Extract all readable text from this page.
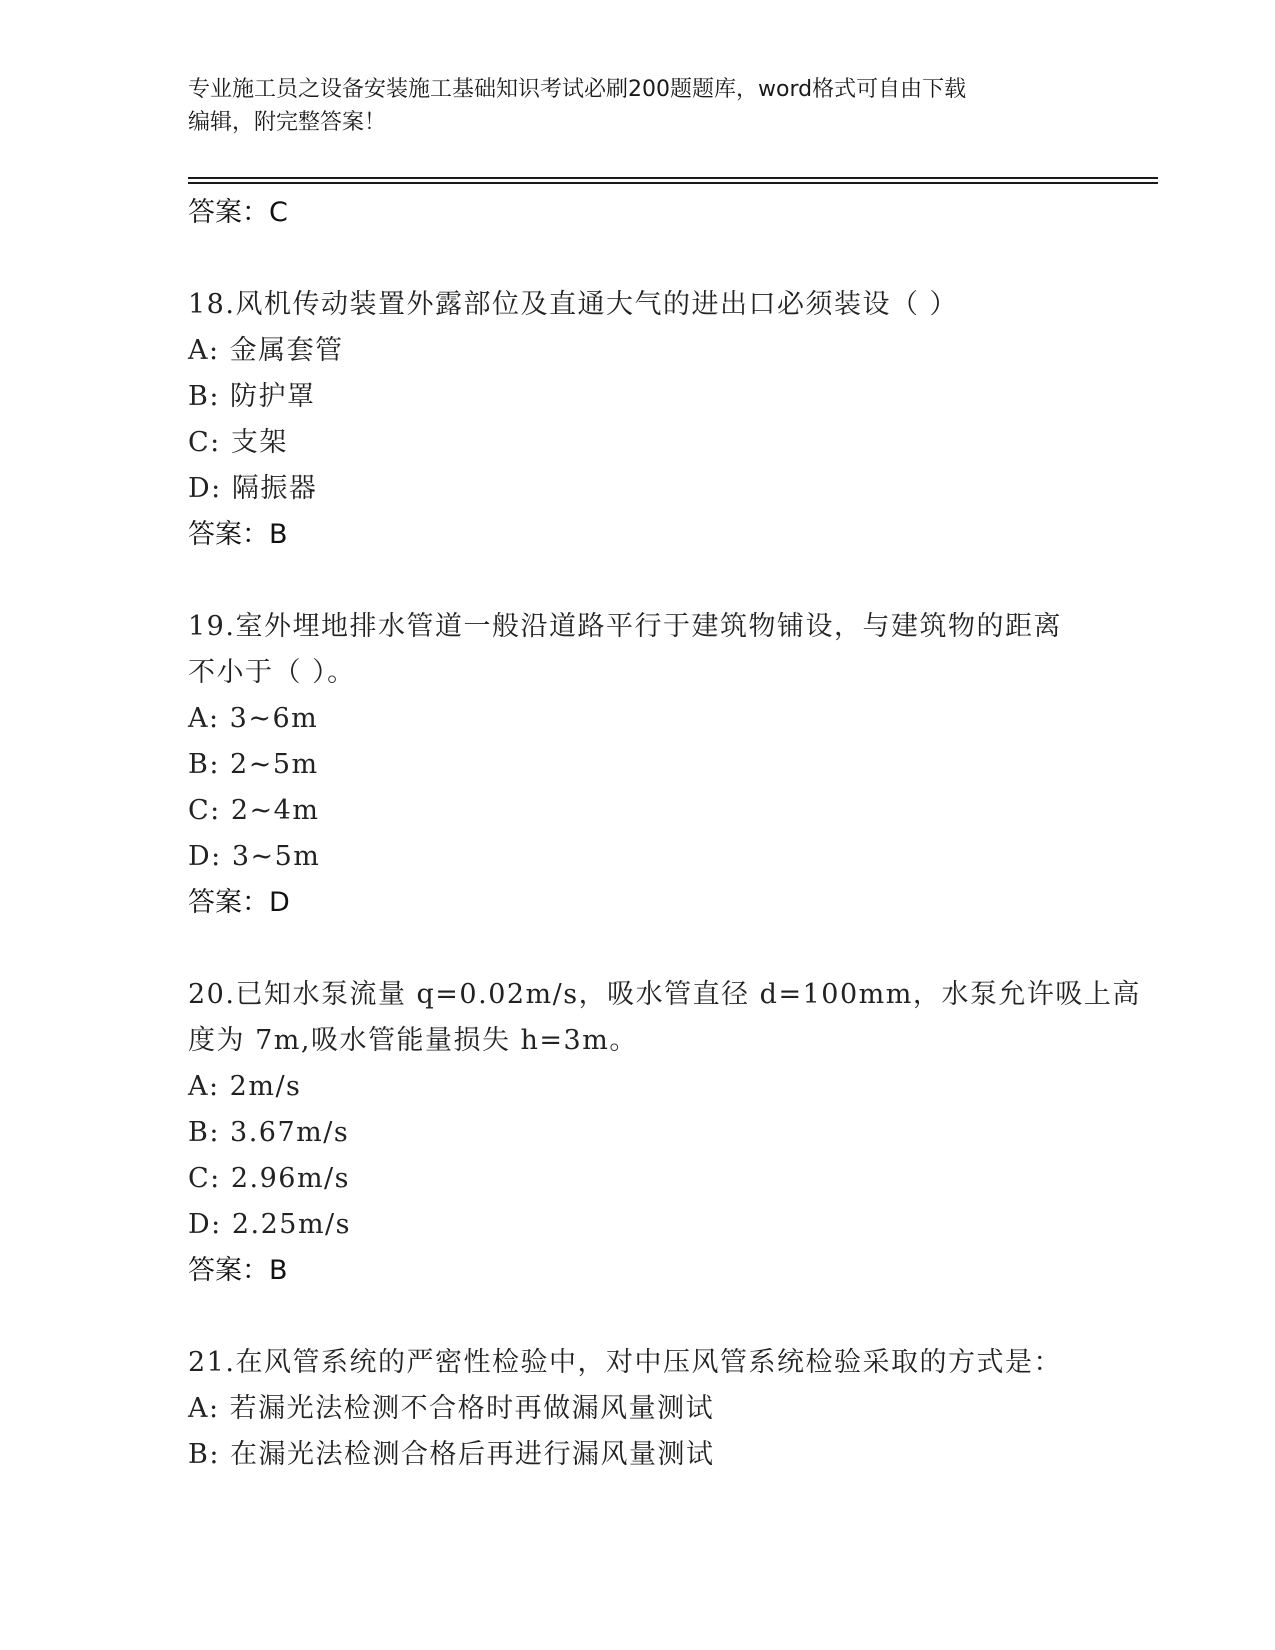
专业施工员之设备安装施工基础知识考试必刷200题题库，word格式可自由下载
编辑，附完整答案！
答案：C
18.风机传动装置外露部位及直通大气的进出口必须装设（ ）
A: 金属套管
B: 防护罩
C: 支架
D: 隔振器
答案：B
19.室外埋地排水管道一般沿道路平行于建筑物铺设，与建筑物的距离
不小于（ ）。
A: 3~6m
B: 2~5m
C: 2~4m
D: 3~5m
答案：D
20.已知水泵流量 q=0.02m/s，吸水管直径 d=100mm，水泵允许吸上高
度为 7m,吸水管能量损失 h=3m。
A: 2m/s
B: 3.67m/s
C: 2.96m/s
D: 2.25m/s
答案：B
21.在风管系统的严密性检验中，对中压风管系统检验采取的方式是：
A: 若漏光法检测不合格时再做漏风量测试
B: 在漏光法检测合格后再进行漏风量测试
